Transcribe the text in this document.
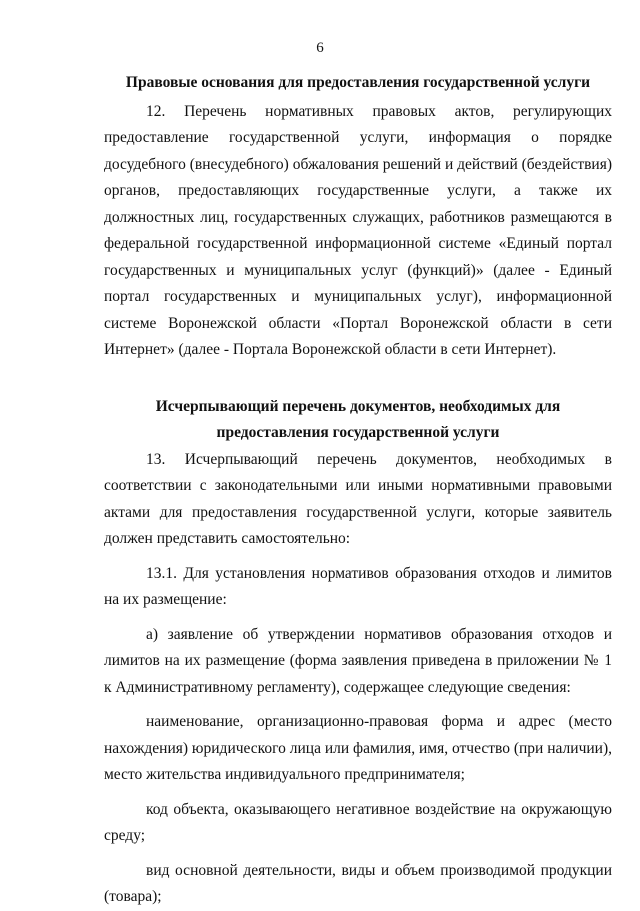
6
Правовые основания для предоставления государственной услуги

12. Перечень нормативных правовых актов, регулирующих предоставление государственной услуги, информация о порядке досудебного (внесудебного) обжалования решений и действий (бездействия) органов, предоставляющих государственные услуги, а также их должностных лиц, государственных служащих, работников размещаются в федеральной государственной информационной системе «Единый портал государственных и муниципальных услуг (функций)» (далее - Единый портал государственных и муниципальных услуг), информационной системе Воронежской области «Портал Воронежской области в сети Интернет» (далее - Портала Воронежской области в сети Интернет).

Исчерпывающий перечень документов, необходимых для
предоставления государственной услуги

13. Исчерпывающий перечень документов, необходимых в соответствии с законодательными или иными нормативными правовыми актами для предоставления государственной услуги, которые заявитель должен представить самостоятельно:

13.1. Для установления нормативов образования отходов и лимитов на их размещение:

а) заявление об утверждении нормативов образования отходов и лимитов на их размещение (форма заявления приведена в приложении № 1 к Административному регламенту), содержащее следующие сведения:

наименование, организационно-правовая форма и адрес (место нахождения) юридического лица или фамилия, имя, отчество (при наличии), место жительства индивидуального предпринимателя;

код объекта, оказывающего негативное воздействие на окружающую среду;

вид основной деятельности, виды и объем производимой продукции (товара);
